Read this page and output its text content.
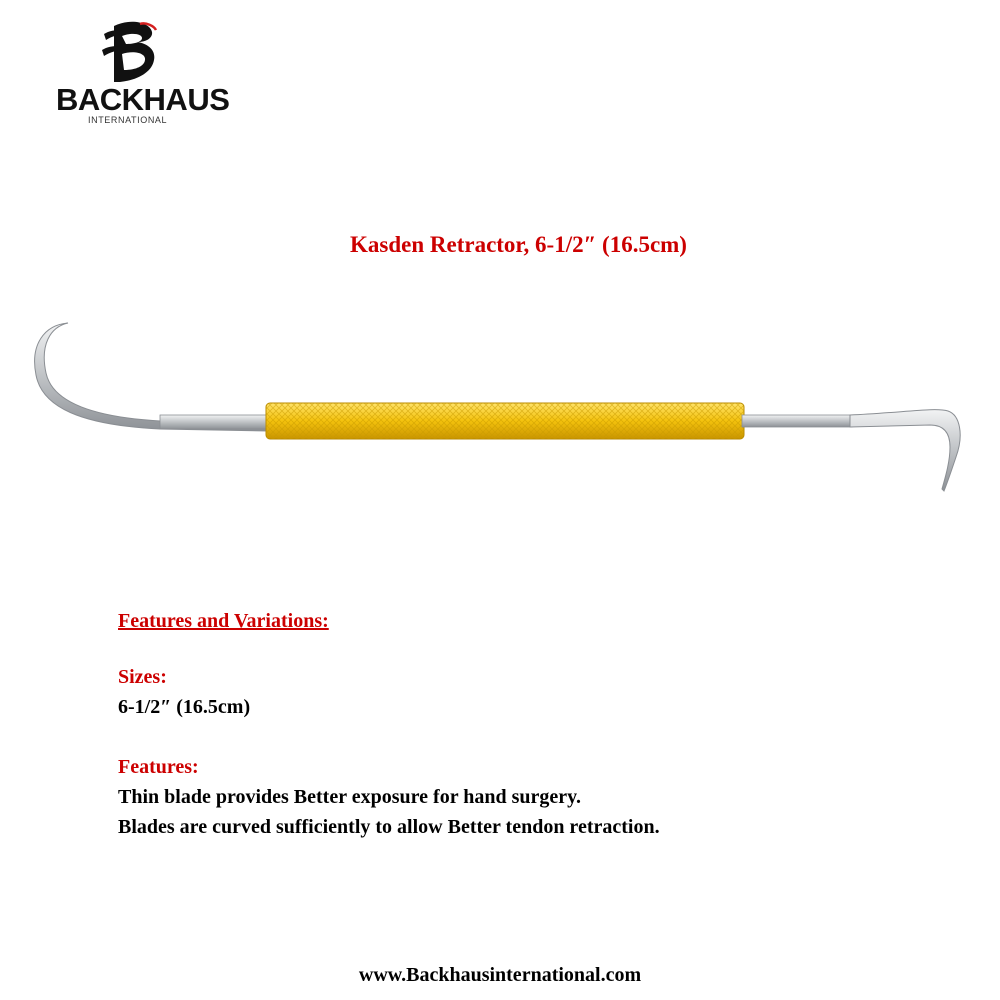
BACKHAUS
INTERNATIONAL
Kasden Retractor, 6-1/2″ (16.5cm)
Features and Variations:
Sizes:
6-1/2″ (16.5cm)
Features:
Thin blade provides Better exposure for hand surgery.
Blades are curved sufficiently to allow Better tendon retraction.
www.Backhausinternational.com
